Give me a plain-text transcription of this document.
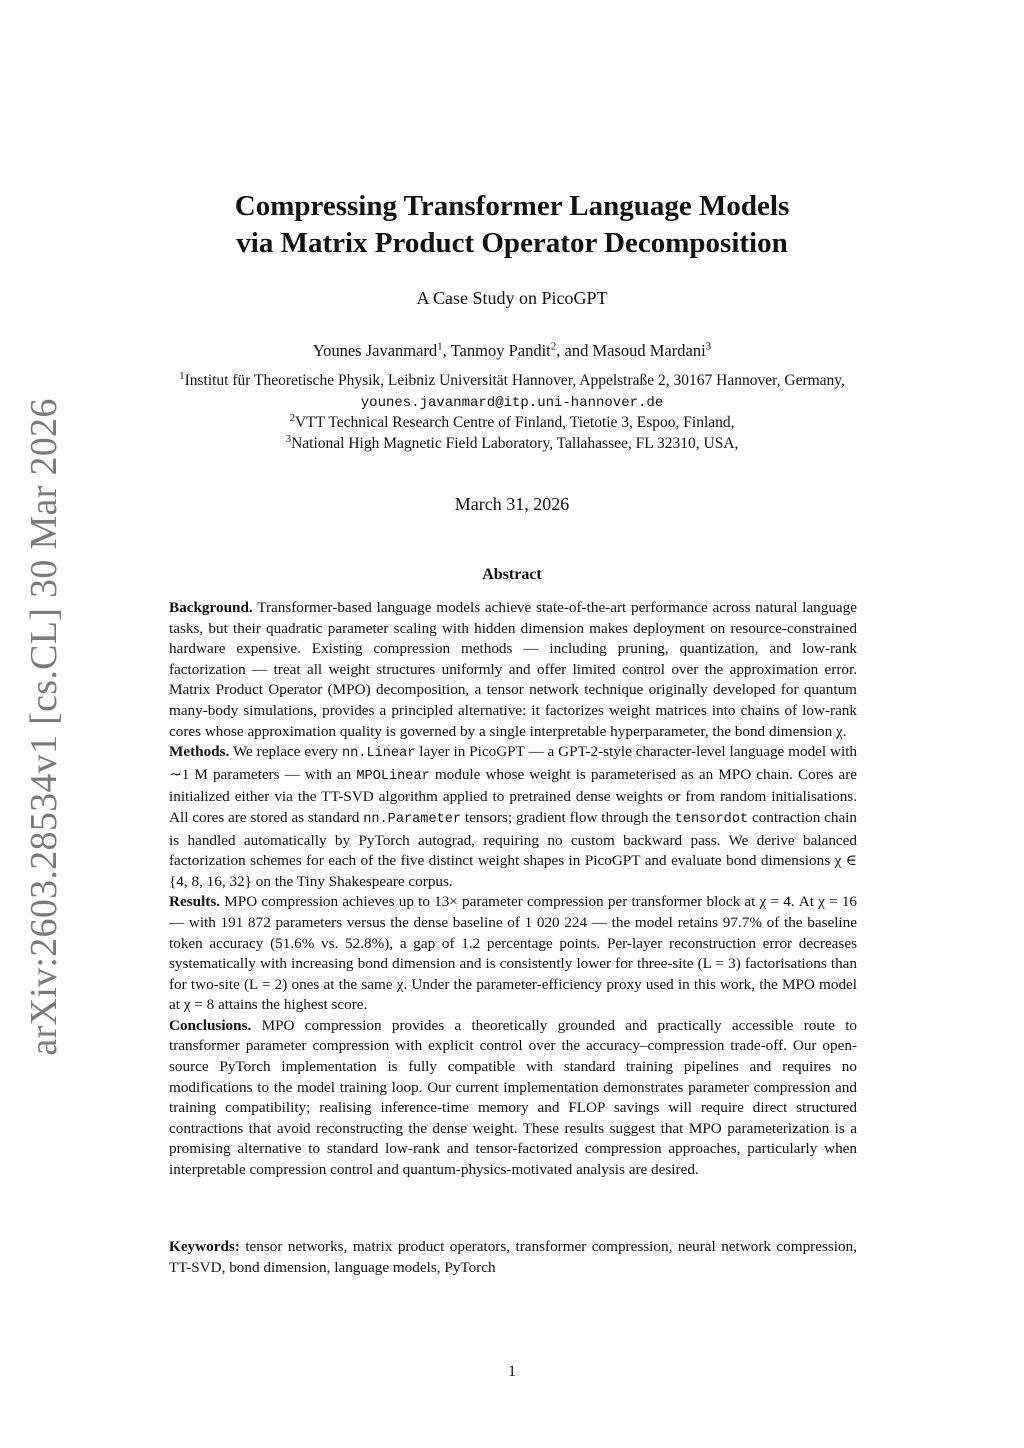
arXiv:2603.28534v1 [cs.CL] 30 Mar 2026
Compressing Transformer Language Models
via Matrix Product Operator Decomposition
A Case Study on PicoGPT
Younes Javanmard$^1$, Tanmoy Pandit$^2$, and Masoud Mardani$^3$
$^1$Institut für Theoretische Physik, Leibniz Universität Hannover, Appelstraße 2, 30167 Hannover, Germany,
younes.javanmard@itp.uni-hannover.de
$^2$VTT Technical Research Centre of Finland, Tietotie 3, Espoo, Finland,
$^3$National High Magnetic Field Laboratory, Tallahassee, FL 32310, USA,
March 31, 2026
Abstract

Background. Transformer-based language models achieve state-of-the-art performance across natural language tasks, but their quadratic parameter scaling with hidden dimension makes deployment on resource-constrained hardware expensive. Existing compression methods — including pruning, quantization, and low-rank factorization — treat all weight structures uniformly and offer limited control over the approximation error. Matrix Product Operator (MPO) decomposition, a tensor network technique originally developed for quantum many-body simulations, provides a principled alternative: it factorizes weight matrices into chains of low-rank cores whose approximation quality is governed by a single interpretable hyperparameter, the bond dimension χ.

Methods. We replace every nn.Linear layer in PicoGPT — a GPT-2-style character-level language model with ∼1 M parameters — with an MPOLinear module whose weight is parameterised as an MPO chain. Cores are initialized either via the TT-SVD algorithm applied to pretrained dense weights or from random initialisations. All cores are stored as standard nn.Parameter tensors; gradient flow through the tensordot contraction chain is handled automatically by PyTorch autograd, requiring no custom backward pass. We derive balanced factorization schemes for each of the five distinct weight shapes in PicoGPT and evaluate bond dimensions χ ∈ {4, 8, 16, 32} on the Tiny Shakespeare corpus.

Results. MPO compression achieves up to 13× parameter compression per transformer block at χ = 4. At χ = 16 — with 191 872 parameters versus the dense baseline of 1 020 224 — the model retains 97.7% of the baseline token accuracy (51.6% vs. 52.8%), a gap of 1.2 percentage points. Per-layer reconstruction error decreases systematically with increasing bond dimension and is consistently lower for three-site (L = 3) factorisations than for two-site (L = 2) ones at the same χ. Under the parameter-efficiency proxy used in this work, the MPO model at χ = 8 attains the highest score.

Conclusions. MPO compression provides a theoretically grounded and practically accessible route to transformer parameter compression with explicit control over the accuracy–compression trade-off. Our open-source PyTorch implementation is fully compatible with standard training pipelines and requires no modifications to the model training loop. Our current implementation demonstrates parameter compression and training compatibility; realising inference-time memory and FLOP savings will require direct structured contractions that avoid reconstructing the dense weight. These results suggest that MPO parameterization is a promising alternative to standard low-rank and tensor-factorized compression approaches, particularly when interpretable compression control and quantum-physics-motivated analysis are desired.

Keywords: tensor networks, matrix product operators, transformer compression, neural network compression, TT-SVD, bond dimension, language models, PyTorch
1
